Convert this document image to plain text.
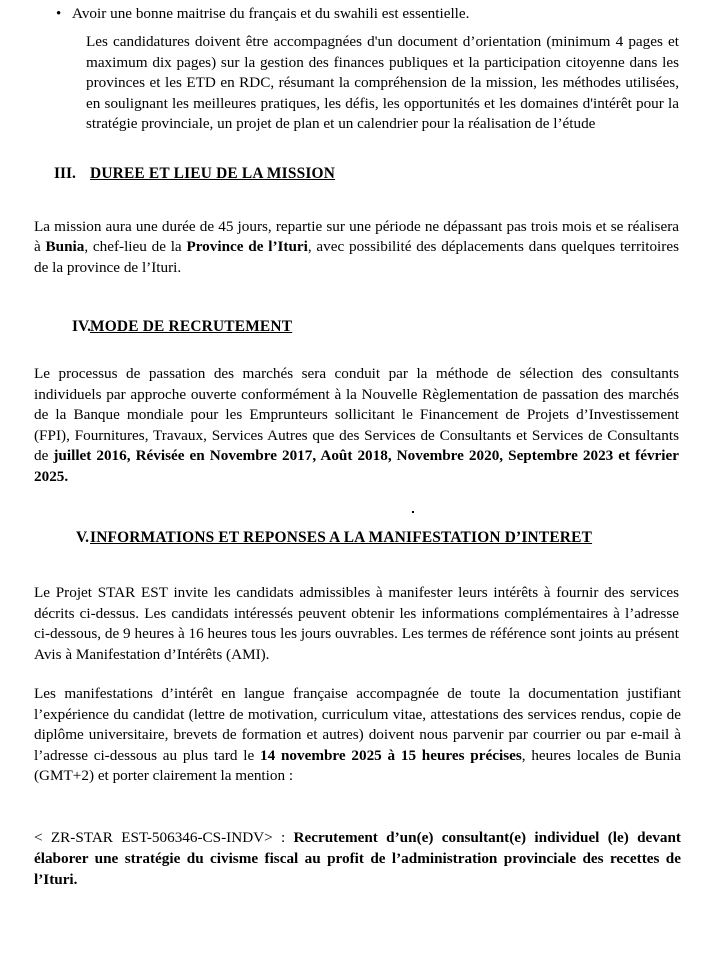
• Avoir une bonne maitrise du français et du swahili est essentielle.

Les candidatures doivent être accompagnées d'un document d’orientation (minimum 4 pages et maximum dix pages) sur la gestion des finances publiques et la participation citoyenne dans les provinces et les ETD en RDC, résumant la compréhension de la mission, les méthodes utilisées, en soulignant les meilleures pratiques, les défis, les opportunités et les domaines d'intérêt pour la stratégie provinciale, un projet de plan et un calendrier pour la réalisation de l’étude

III. DUREE ET LIEU DE LA MISSION

La mission aura une durée de 45 jours, repartie sur une période ne dépassant pas trois mois et se réalisera à Bunia, chef-lieu de la Province de l’Ituri, avec possibilité des déplacements dans quelques territoires de la province de l’Ituri.

IV. MODE DE RECRUTEMENT

Le processus de passation des marchés sera conduit par la méthode de sélection des consultants individuels par approche ouverte conformément à la Nouvelle Règlementation de passation des marchés de la Banque mondiale pour les Emprunteurs sollicitant le Financement de Projets d’Investissement (FPI), Fournitures, Travaux, Services Autres que des Services de Consultants et Services de Consultants de juillet 2016, Révisée en Novembre 2017, Août 2018, Novembre 2020, Septembre 2023 et février 2025.

V. INFORMATIONS ET REPONSES A LA MANIFESTATION D’INTERET

Le Projet STAR EST invite les candidats admissibles à manifester leurs intérêts à fournir des services décrits ci-dessus. Les candidats intéressés peuvent obtenir les informations complémentaires à l’adresse ci-dessous, de 9 heures à 16 heures tous les jours ouvrables. Les termes de référence sont joints au présent Avis à Manifestation d’Intérêts (AMI).

Les manifestations d’intérêt en langue française accompagnée de toute la documentation justifiant l’expérience du candidat (lettre de motivation, curriculum vitae, attestations des services rendus, copie de diplôme universitaire, brevets de formation et autres) doivent nous parvenir par courrier ou par e-mail à l’adresse ci-dessous au plus tard le 14 novembre 2025 à 15 heures précises, heures locales de Bunia (GMT+2) et porter clairement la mention :

< ZR-STAR EST-506346-CS-INDV> : Recrutement d’un(e) consultant(e) individuel (le) devant élaborer une stratégie du civisme fiscal au profit de l’administration provinciale des recettes de l’Ituri.
